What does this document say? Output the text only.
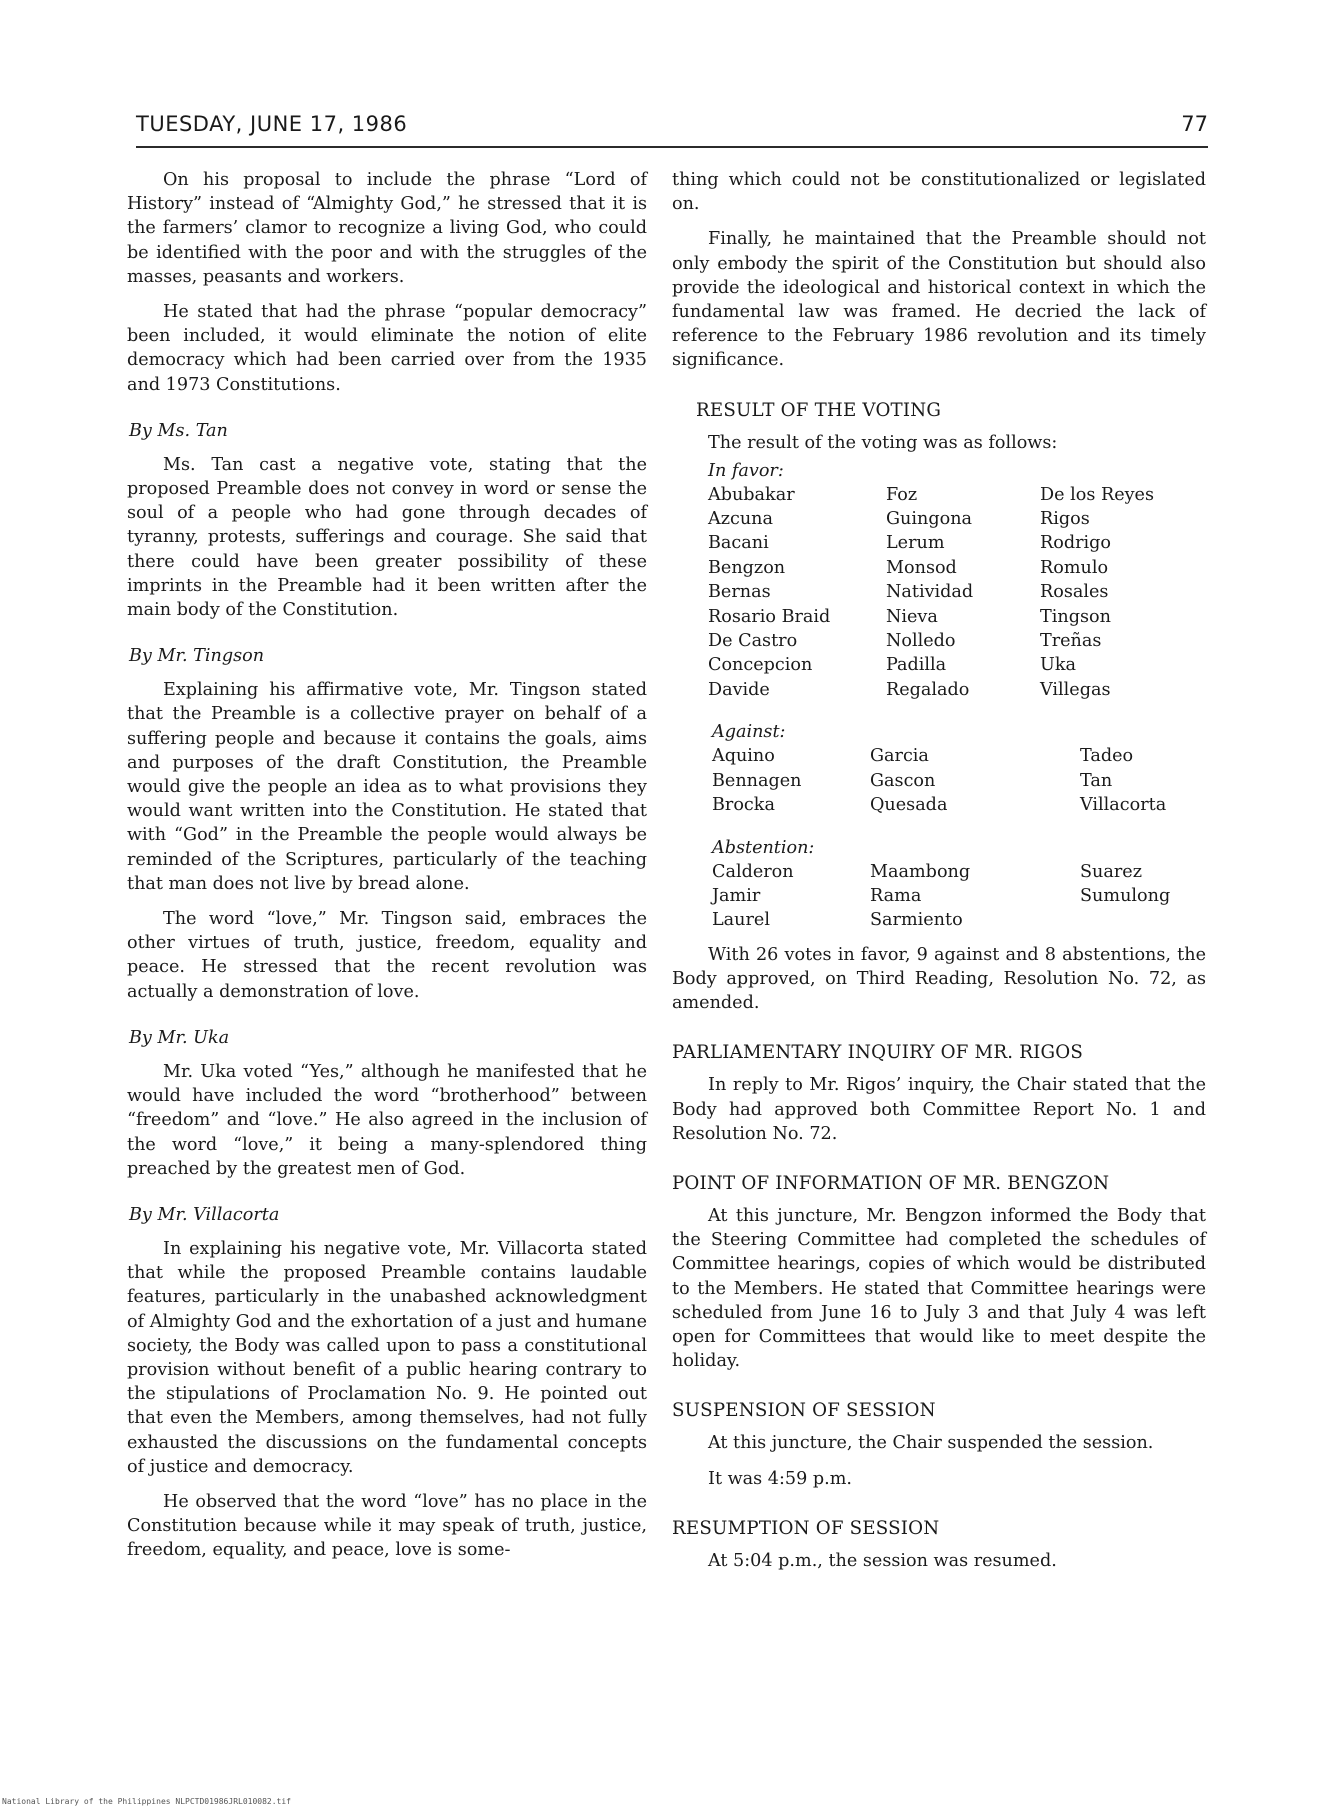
TUESDAY, JUNE 17, 1986	77

On his proposal to include the phrase “Lord of History” instead of “Almighty God,” he stressed that it is the farmers’ clamor to recognize a living God, who could be identified with the poor and with the struggles of the masses, peasants and workers.

He stated that had the phrase “popular democracy” been included, it would eliminate the notion of elite democracy which had been carried over from the 1935 and 1973 Constitutions.

By Ms. Tan

Ms. Tan cast a negative vote, stating that the proposed Preamble does not convey in word or sense the soul of a people who had gone through decades of tyranny, protests, sufferings and courage. She said that there could have been greater possibility of these imprints in the Preamble had it been written after the main body of the Constitution.

By Mr. Tingson

Explaining his affirmative vote, Mr. Tingson stated that the Preamble is a collective prayer on behalf of a suffering people and because it contains the goals, aims and purposes of the draft Constitution, the Preamble would give the people an idea as to what provisions they would want written into the Constitution. He stated that with “God” in the Preamble the people would always be reminded of the Scriptures, particularly of the teaching that man does not live by bread alone.

The word “love,” Mr. Tingson said, embraces the other virtues of truth, justice, freedom, equality and peace. He stressed that the recent revolution was actually a demonstration of love.

By Mr. Uka

Mr. Uka voted “Yes,” although he manifested that he would have included the word “brotherhood” between “freedom” and “love.” He also agreed in the inclusion of the word “love,” it being a many-splendored thing preached by the greatest men of God.

By Mr. Villacorta

In explaining his negative vote, Mr. Villacorta stated that while the proposed Preamble contains laudable features, particularly in the unabashed acknowledgment of Almighty God and the exhortation of a just and humane society, the Body was called upon to pass a constitutional provision without benefit of a public hearing contrary to the stipulations of Proclamation No. 9. He pointed out that even the Members, among themselves, had not fully exhausted the discussions on the fundamental concepts of justice and democracy.

He observed that the word “love” has no place in the Constitution because while it may speak of truth, justice, freedom, equality, and peace, love is some-

thing which could not be constitutionalized or legislated on.

Finally, he maintained that the Preamble should not only embody the spirit of the Constitution but should also provide the ideological and historical context in which the fundamental law was framed. He decried the lack of reference to the February 1986 revolution and its timely significance.

RESULT OF THE VOTING
The result of the voting was as follows:
In favor:
Abubakar	Foz	De los Reyes
Azcuna	Guingona	Rigos
Bacani	Lerum	Rodrigo
Bengzon	Monsod	Romulo
Bernas	Natividad	Rosales
Rosario Braid	Nieva	Tingson
De Castro	Nolledo	Treñas
Concepcion	Padilla	Uka
Davide	Regalado	Villegas
Against:
Aquino	Garcia	Tadeo
Bennagen	Gascon	Tan
Brocka	Quesada	Villacorta
Abstention:
Calderon	Maambong	Suarez
Jamir	Rama	Sumulong
Laurel	Sarmiento

With 26 votes in favor, 9 against and 8 abstentions, the Body approved, on Third Reading, Resolution No. 72, as amended.

PARLIAMENTARY INQUIRY OF MR. RIGOS

In reply to Mr. Rigos’ inquiry, the Chair stated that the Body had approved both Committee Report No. 1 and Resolution No. 72.

POINT OF INFORMATION OF MR. BENGZON

At this juncture, Mr. Bengzon informed the Body that the Steering Committee had completed the schedules of Committee hearings, copies of which would be distributed to the Members. He stated that Committee hearings were scheduled from June 16 to July 3 and that July 4 was left open for Committees that would like to meet despite the holiday.

SUSPENSION OF SESSION

At this juncture, the Chair suspended the session.

It was 4:59 p.m.

RESUMPTION OF SESSION

At 5:04 p.m., the session was resumed.

National Library of the Philippines NLPCTD01986JRL010082.tif
